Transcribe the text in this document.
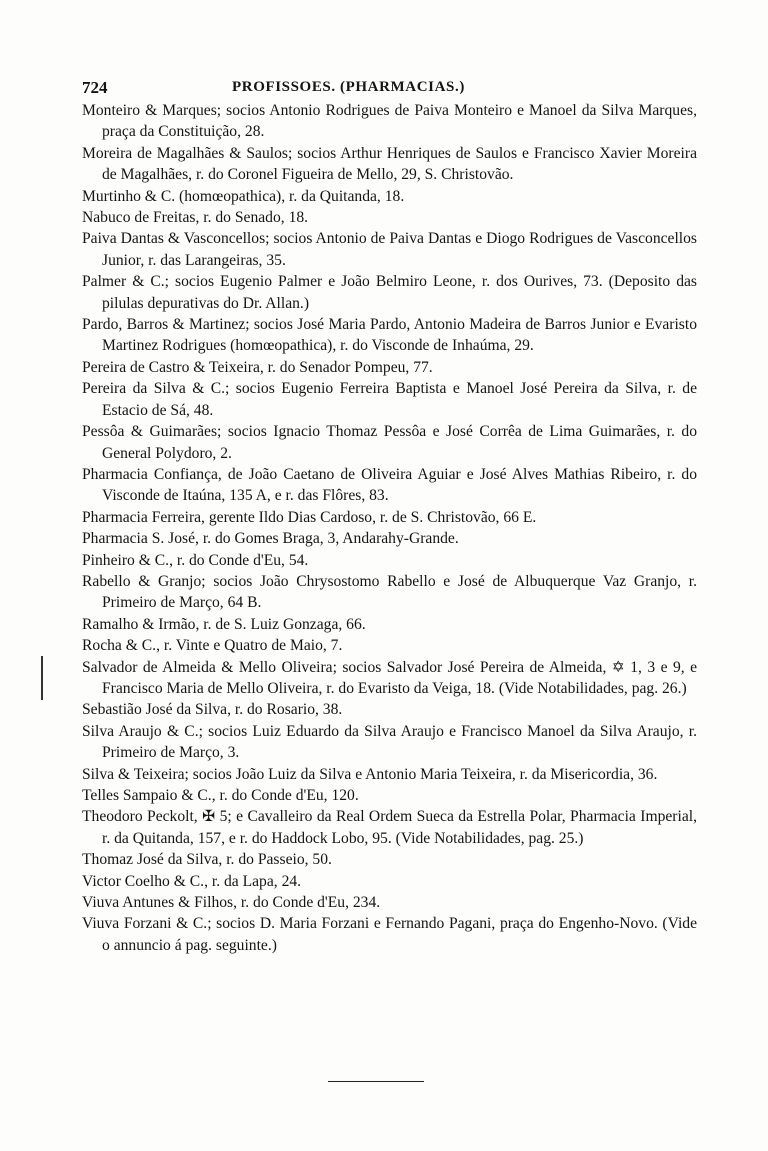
724	PROFISSOES. (PHARMACIAS.)
Monteiro & Marques; socios Antonio Rodrigues de Paiva Monteiro e Manoel da Silva Marques, praça da Constituição, 28.
Moreira de Magalhães & Saulos; socios Arthur Henriques de Saulos e Francisco Xavier Moreira de Magalhães, r. do Coronel Figueira de Mello, 29, S. Christovão.
Murtinho & C. (homœopathica), r. da Quitanda, 18.
Nabuco de Freitas, r. do Senado, 18.
Paiva Dantas & Vasconcellos; socios Antonio de Paiva Dantas e Diogo Rodrigues de Vasconcellos Junior, r. das Larangeiras, 35.
Palmer & C.; socios Eugenio Palmer e João Belmiro Leone, r. dos Ourives, 73. (Deposito das pilulas depurativas do Dr. Allan.)
Pardo, Barros & Martinez; socios José Maria Pardo, Antonio Madeira de Barros Junior e Evaristo Martinez Rodrigues (homœopathica), r. do Visconde de Inhaúma, 29.
Pereira de Castro & Teixeira, r. do Senador Pompeu, 77.
Pereira da Silva & C.; socios Eugenio Ferreira Baptista e Manoel José Pereira da Silva, r. de Estacio de Sá, 48.
Pessôa & Guimarães; socios Ignacio Thomaz Pessôa e José Corrêa de Lima Guimarães, r. do General Polydoro, 2.
Pharmacia Confiança, de João Caetano de Oliveira Aguiar e José Alves Mathias Ribeiro, r. do Visconde de Itaúna, 135 A, e r. das Flôres, 83.
Pharmacia Ferreira, gerente Ildo Dias Cardoso, r. de S. Christovão, 66 E.
Pharmacia S. José, r. do Gomes Braga, 3, Andarahy-Grande.
Pinheiro & C., r. do Conde d'Eu, 54.
Rabello & Granjo; socios João Chrysostomo Rabello e José de Albuquerque Vaz Granjo, r. Primeiro de Março, 64 B.
Ramalho & Irmão, r. de S. Luiz Gonzaga, 66.
Rocha & C., r. Vinte e Quatro de Maio, 7.
Salvador de Almeida & Mello Oliveira; socios Salvador José Pereira de Almeida, ✡ 1, 3 e 9, e Francisco Maria de Mello Oliveira, r. do Evaristo da Veiga, 18. (Vide Notabilidades, pag. 26.)
Sebastião José da Silva, r. do Rosario, 38.
Silva Araujo & C.; socios Luiz Eduardo da Silva Araujo e Francisco Manoel da Silva Araujo, r. Primeiro de Março, 3.
Silva & Teixeira; socios João Luiz da Silva e Antonio Maria Teixeira, r. da Misericordia, 36.
Telles Sampaio & C., r. do Conde d'Eu, 120.
Theodoro Peckolt, ✠ 5; e Cavalleiro da Real Ordem Sueca da Estrella Polar, Pharmacia Imperial, r. da Quitanda, 157, e r. do Haddock Lobo, 95. (Vide Notabilidades, pag. 25.)
Thomaz José da Silva, r. do Passeio, 50.
Victor Coelho & C., r. da Lapa, 24.
Viuva Antunes & Filhos, r. do Conde d'Eu, 234.
Viuva Forzani & C.; socios D. Maria Forzani e Fernando Pagani, praça do Engenho-Novo. (Vide o annuncio á pag. seguinte.)
